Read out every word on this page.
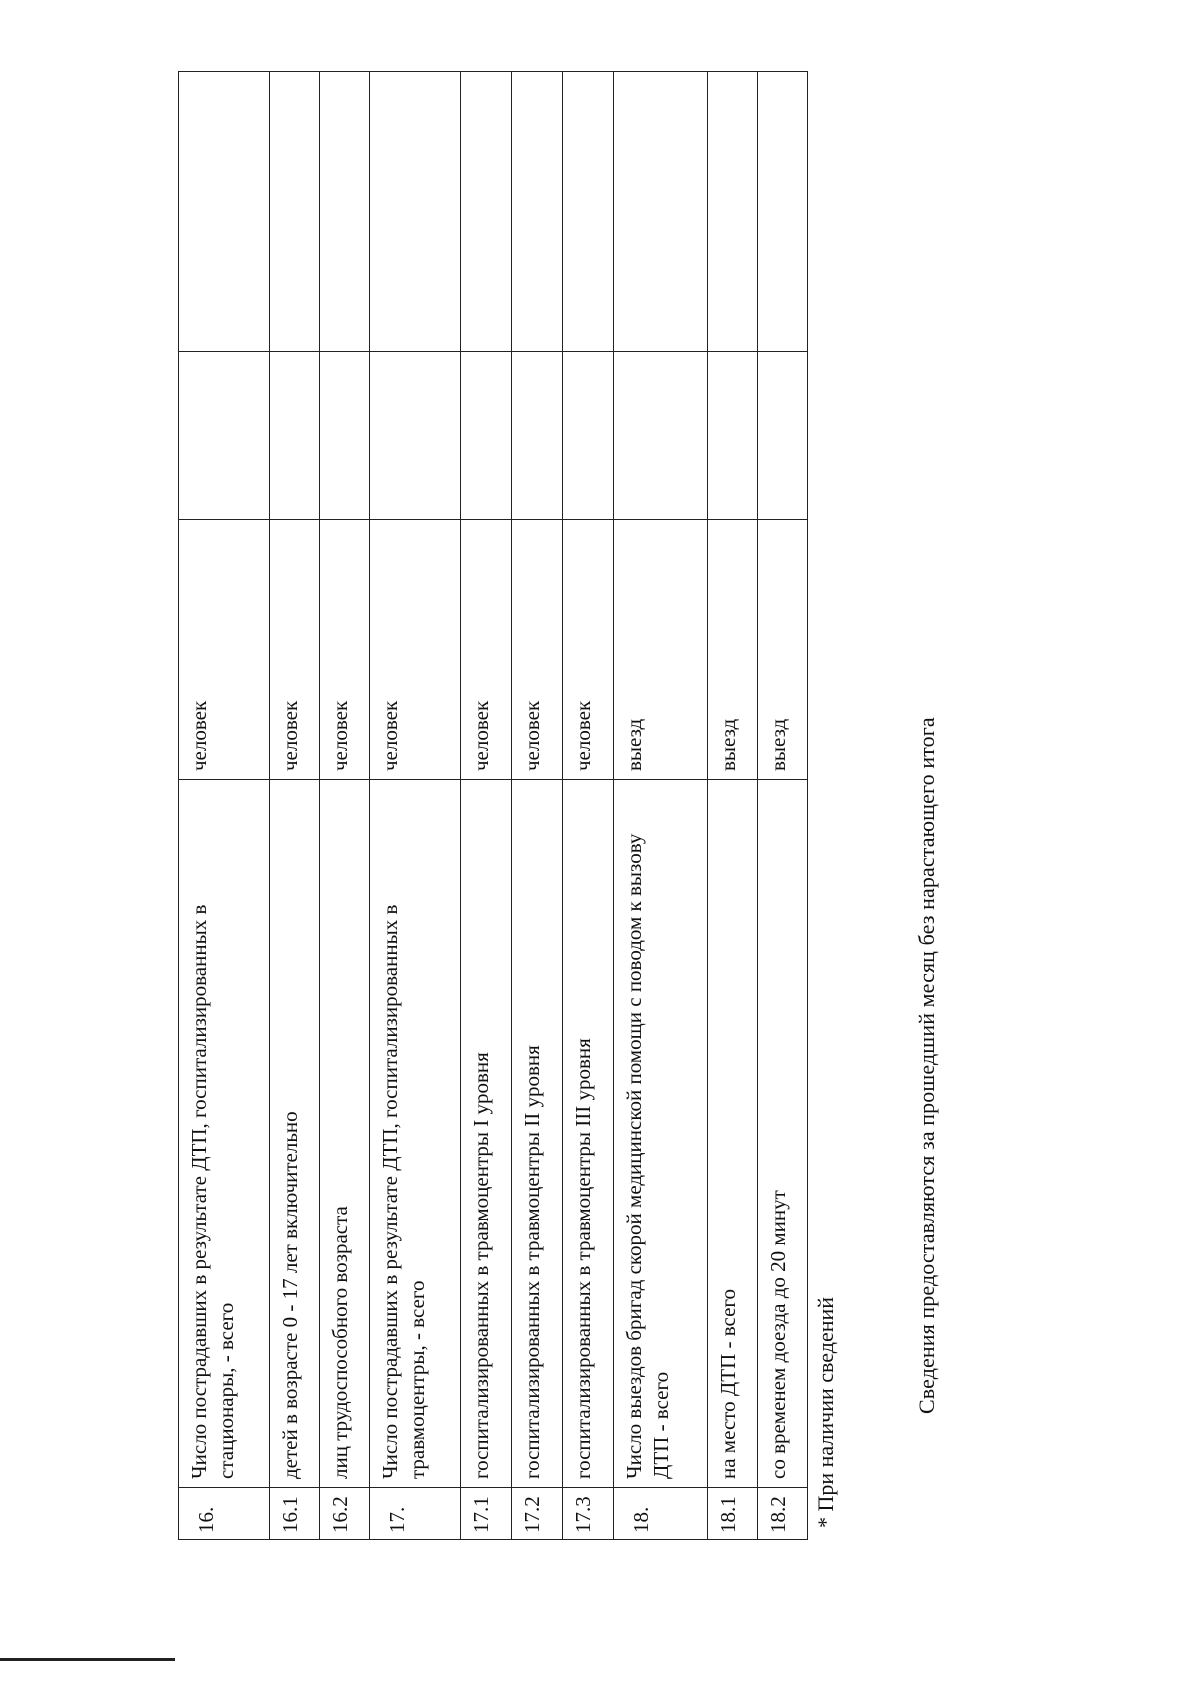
16.	Число пострадавших в результате ДТП, госпитализированных в стационары, - всего	человек		
16.1	детей в возрасте 0 - 17 лет включительно	человек		
16.2	лиц трудоспособного возраста	человек		
17.	Число пострадавших в результате ДТП, госпитализированных в травмоцентры, - всего	человек		
17.1	госпитализированных в травмоцентры I уровня	человек		
17.2	госпитализированных в травмоцентры II уровня	человек		
17.3	госпитализированных в травмоцентры III уровня	человек		
18.	Число выездов бригад скорой медицинской помощи с поводом к вызову ДТП - всего	выезд		
18.1	на место ДТП - всего	выезд		
18.2	со временем доезда до 20 минут	выезд		
* При наличии сведений	Сведения предоставляются за прошедший месяц без нарастающего итога
